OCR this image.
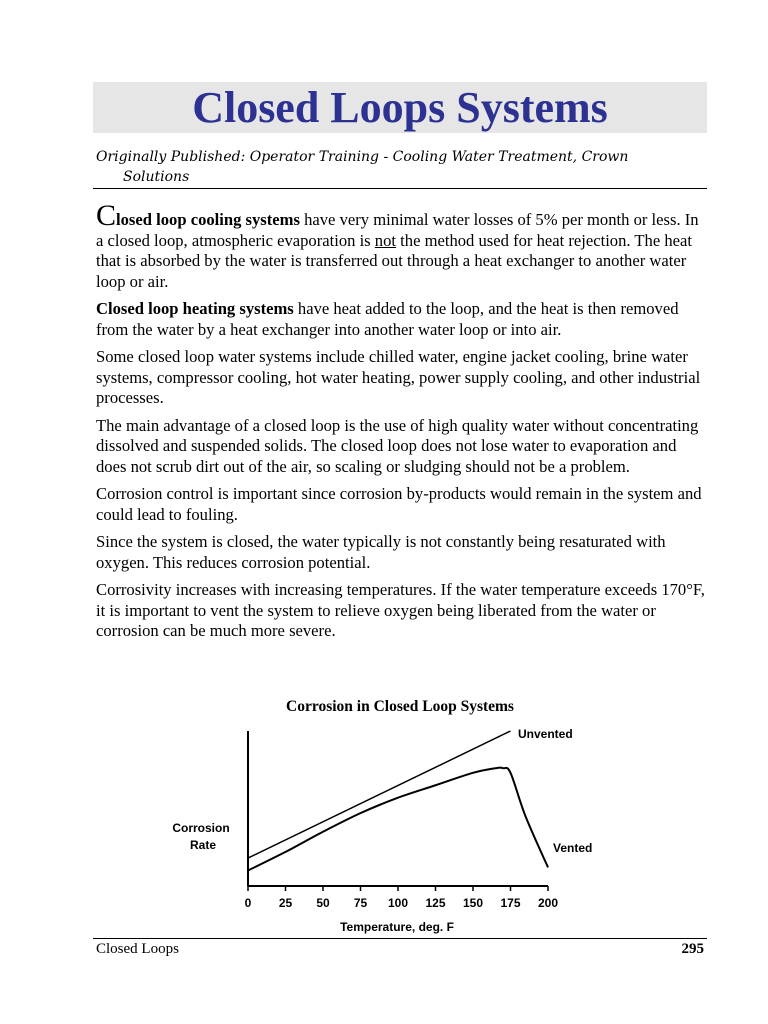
Closed Loops Systems
Originally Published: Operator Training - Cooling Water Treatment, Crown
Solutions

Closed loop cooling systems have very minimal water losses of 5% per month or less. In a closed loop, atmospheric evaporation is not the method used for heat rejection. The heat that is absorbed by the water is transferred out through a heat exchanger to another water loop or air.

Closed loop heating systems have heat added to the loop, and the heat is then removed from the water by a heat exchanger into another water loop or into air.

Some closed loop water systems include chilled water, engine jacket cooling, brine water systems, compressor cooling, hot water heating, power supply cooling, and other industrial processes.

The main advantage of a closed loop is the use of high quality water without concentrating dissolved and suspended solids. The closed loop does not lose water to evaporation and does not scrub dirt out of the air, so scaling or sludging should not be a problem.

Corrosion control is important since corrosion by-products would remain in the system and could lead to fouling.

Since the system is closed, the water typically is not constantly being resaturated with oxygen. This reduces corrosion potential.

Corrosivity increases with increasing temperatures. If the water temperature exceeds 170°F, it is important to vent the system to relieve oxygen being liberated from the water or corrosion can be much more severe.

Corrosion in Closed Loop Systems
0 25 50 75 100 125 150 175 200
Unvented
Vented
Corrosion
Rate
Temperature, deg. F
Closed Loops	295
